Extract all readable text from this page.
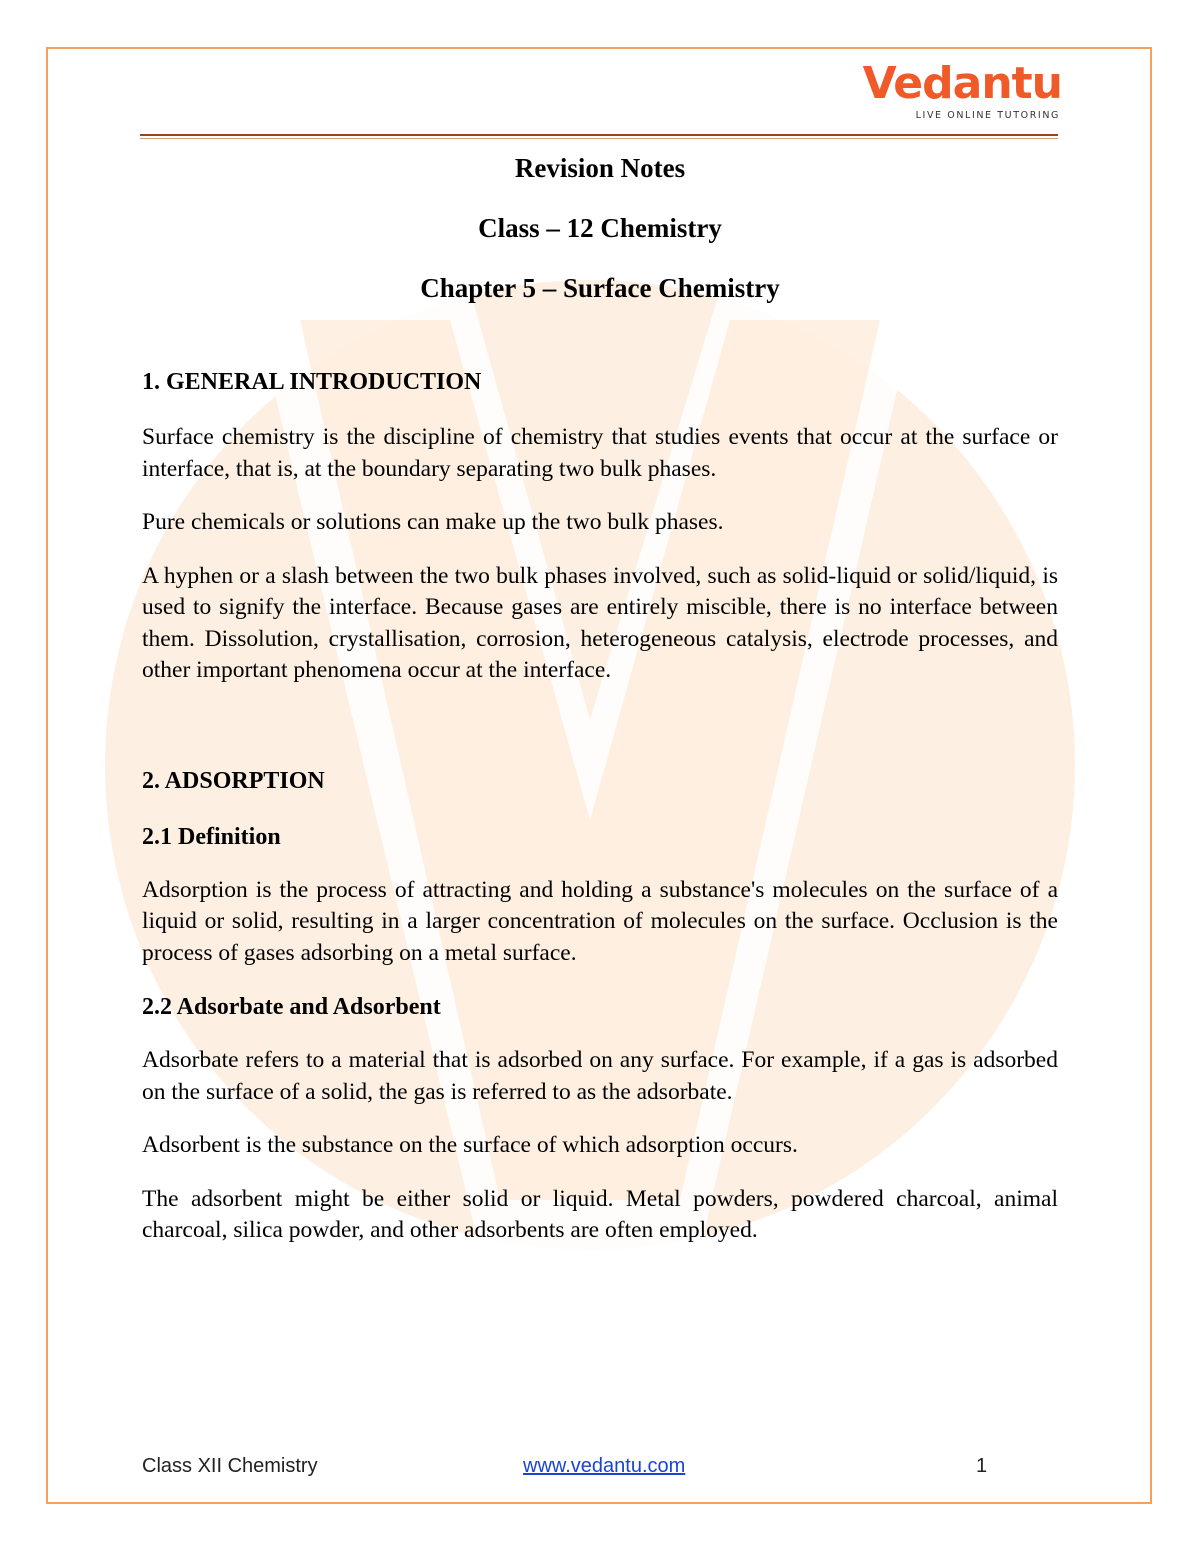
Vedantu
LIVE ONLINE TUTORING
Revision Notes
Class – 12 Chemistry
Chapter 5 – Surface Chemistry
1. GENERAL INTRODUCTION

Surface chemistry is the discipline of chemistry that studies events that occur at the surface or interface, that is, at the boundary separating two bulk phases.

Pure chemicals or solutions can make up the two bulk phases.

A hyphen or a slash between the two bulk phases involved, such as solid-liquid or solid/liquid, is used to signify the interface. Because gases are entirely miscible, there is no interface between them. Dissolution, crystallisation, corrosion, heterogeneous catalysis, electrode processes, and other important phenomena occur at the interface.

2. ADSORPTION
2.1 Definition

Adsorption is the process of attracting and holding a substance's molecules on the surface of a liquid or solid, resulting in a larger concentration of molecules on the surface. Occlusion is the process of gases adsorbing on a metal surface.

2.2 Adsorbate and Adsorbent

Adsorbate refers to a material that is adsorbed on any surface. For example, if a gas is adsorbed on the surface of a solid, the gas is referred to as the adsorbate.

Adsorbent is the substance on the surface of which adsorption occurs.

The adsorbent might be either solid or liquid. Metal powders, powdered charcoal, animal charcoal, silica powder, and other adsorbents are often employed.

Class XII Chemistry	www.vedantu.com	1
